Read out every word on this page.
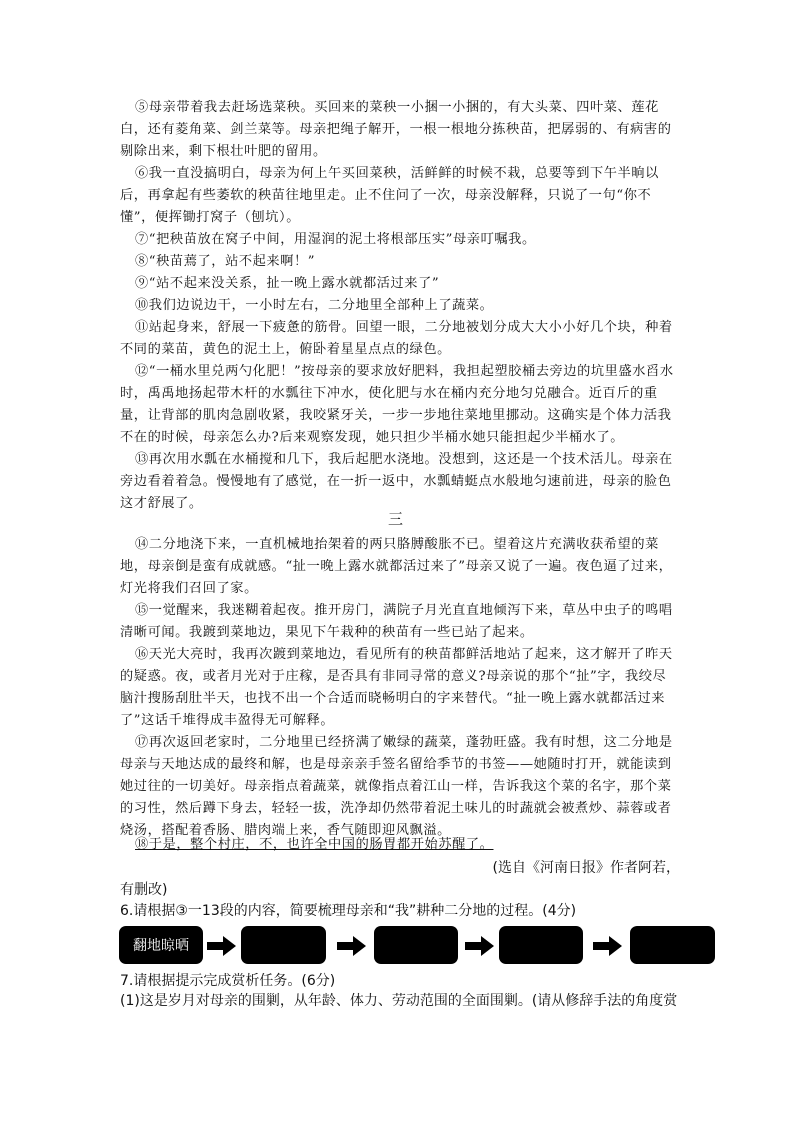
⑤母亲带着我去赶场选菜秧。买回来的菜秧一小捆一小捆的，有大头菜、四叶菜、莲花白，还有菱角菜、剑兰菜等。母亲把绳子解开，一根一根地分拣秧苗，把孱弱的、有病害的剔除出来，剩下根壮叶肥的留用。

⑥我一直没搞明白，母亲为何上午买回菜秧，活鲜鲜的时候不栽，总要等到下午半晌以后，再拿起有些萎软的秧苗往地里走。止不住问了一次，母亲没解释，只说了一句“你不懂”，便挥锄打窝子（刨坑）。

⑦“把秧苗放在窝子中间，用湿润的泥土将根部压实”母亲叮嘱我。

⑧“秧苗蔫了，站不起来啊！”

⑨“站不起来没关系，扯一晚上露水就都活过来了”

⑩我们边说边干，一小时左右，二分地里全部种上了蔬菜。

⑪站起身来，舒展一下疲惫的筋骨。回望一眼，二分地被划分成大大小小好几个块，种着不同的菜苗，黄色的泥土上，俯卧着星星点点的绿色。

⑫“一桶水里兑两勺化肥！”按母亲的要求放好肥料，我担起塑胶桶去旁边的坑里盛水舀水时，禹禹地扬起带木杆的水瓢往下冲水，使化肥与水在桶内充分地匀兑融合。近百斤的重量，让背部的肌肉急剧收紧，我咬紧牙关，一步一步地往菜地里挪动。这确实是个体力活我不在的时候，母亲怎么办?后来观察发现，她只担少半桶水她只能担起少半桶水了。

⑬再次用水瓢在水桶搅和几下，我后起肥水浇地。没想到，这还是一个技术活儿。母亲在旁边看着着急。慢慢地有了感觉，在一折一返中，水瓢蜻蜓点水般地匀速前进，母亲的脸色这才舒展了。

三

⑭二分地浇下来，一直机械地抬架着的两只胳膊酸胀不已。望着这片充满收获希望的菜地，母亲倒是蛮有成就感。“扯一晚上露水就都活过来了”母亲又说了一遍。夜色逼了过来，灯光将我们召回了家。

⑮一觉醒来，我迷糊着起夜。推开房门，满院子月光直直地倾泻下来，草丛中虫子的鸣唱清晰可闻。我踱到菜地边，果见下午栽种的秧苗有一些已站了起来。

⑯天光大亮时，我再次踱到菜地边，看见所有的秧苗都鲜活地站了起来，这才解开了昨天的疑惑。夜，或者月光对于庄稼，是否具有非同寻常的意义?母亲说的那个“扯”字，我绞尽脑汁搜肠刮肚半天，也找不出一个合适而晓畅明白的字来替代。“扯一晚上露水就都活过来了”这话千堆得成丰盈得无可解释。

⑰再次返回老家时，二分地里已经挤满了嫩绿的蔬菜，蓬勃旺盛。我有时想，这二分地是母亲与天地达成的最终和解，也是母亲亲手签名留给季节的书签——她随时打开，就能读到她过往的一切美好。母亲指点着蔬菜，就像指点着江山一样，告诉我这个菜的名字，那个菜的习性，然后蹲下身去，轻轻一拔，洗净却仍然带着泥土味儿的时蔬就会被煮炒、蒜蓉或者烧汤，搭配着香肠、腊肉端上来，香气随即迎风飘溢。

⑱于是，整个村庄，不，也许全中国的肠胃都开始苏醒了。

(选自《河南日报》作者阿若，
有删改)
6.请根据③一13段的内容，简要梳理母亲和“我”耕种二分地的过程。(4分)
翻地晾晒
7.请根据提示完成赏析任务。(6分)
(1)这是岁月对母亲的围剿，从年龄、体力、劳动范围的全面围剿。(请从修辞手法的角度赏
